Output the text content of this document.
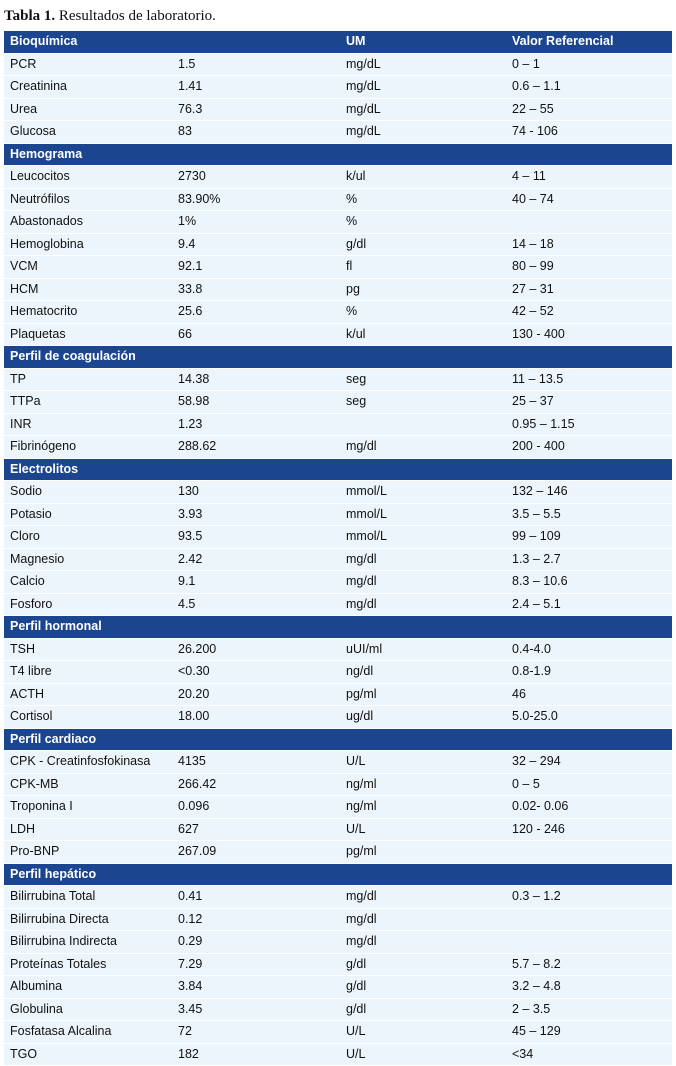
Tabla 1. Resultados de laboratorio.
Bioquímica		UM	Valor Referencial
PCR	1.5	mg/dL	0 – 1
Creatinina	1.41	mg/dL	0.6 – 1.1
Urea	76.3	mg/dL	22 – 55
Glucosa	83	mg/dL	74 - 106
Hemograma			
Leucocitos	2730	k/ul	4 – 11
Neutrófilos	83.90%	%	40 – 74
Abastonados	1%	%	
Hemoglobina	9.4	g/dl	14 – 18
VCM	92.1	fl	80 – 99
HCM	33.8	pg	27 – 31
Hematocrito	25.6	%	42 – 52
Plaquetas	66	k/ul	130 - 400
Perfil de coagulación			
TP	14.38	seg	11 – 13.5
TTPa	58.98	seg	25 – 37
INR	1.23		0.95 – 1.15
Fibrinógeno	288.62	mg/dl	200 - 400
Electrolitos			
Sodio	130	mmol/L	132 – 146
Potasio	3.93	mmol/L	3.5 – 5.5
Cloro	93.5	mmol/L	99 – 109
Magnesio	2.42	mg/dl	1.3 – 2.7
Calcio	9.1	mg/dl	8.3 – 10.6
Fosforo	4.5	mg/dl	2.4 – 5.1
Perfil hormonal			
TSH	26.200	uUI/ml	0.4-4.0
T4 libre	<0.30	ng/dl	0.8-1.9
ACTH	20.20	pg/ml	46
Cortisol	18.00	ug/dl	5.0-25.0
Perfil cardiaco			
CPK - Creatinfosfokinasa	4135	U/L	32 – 294
CPK-MB	266.42	ng/ml	0 – 5
Troponina I	0.096	ng/ml	0.02- 0.06
LDH	627	U/L	120 - 246
Pro-BNP	267.09	pg/ml	
Perfil hepático			
Bilirrubina Total	0.41	mg/dl	0.3 – 1.2
Bilirrubina Directa	0.12	mg/dl	
Bilirrubina Indirecta	0.29	mg/dl	
Proteínas Totales	7.29	g/dl	5.7 – 8.2
Albumina	3.84	g/dl	3.2 – 4.8
Globulina	3.45	g/dl	2 – 3.5
Fosfatasa Alcalina	72	U/L	45 – 129
TGO	182	U/L	<34
